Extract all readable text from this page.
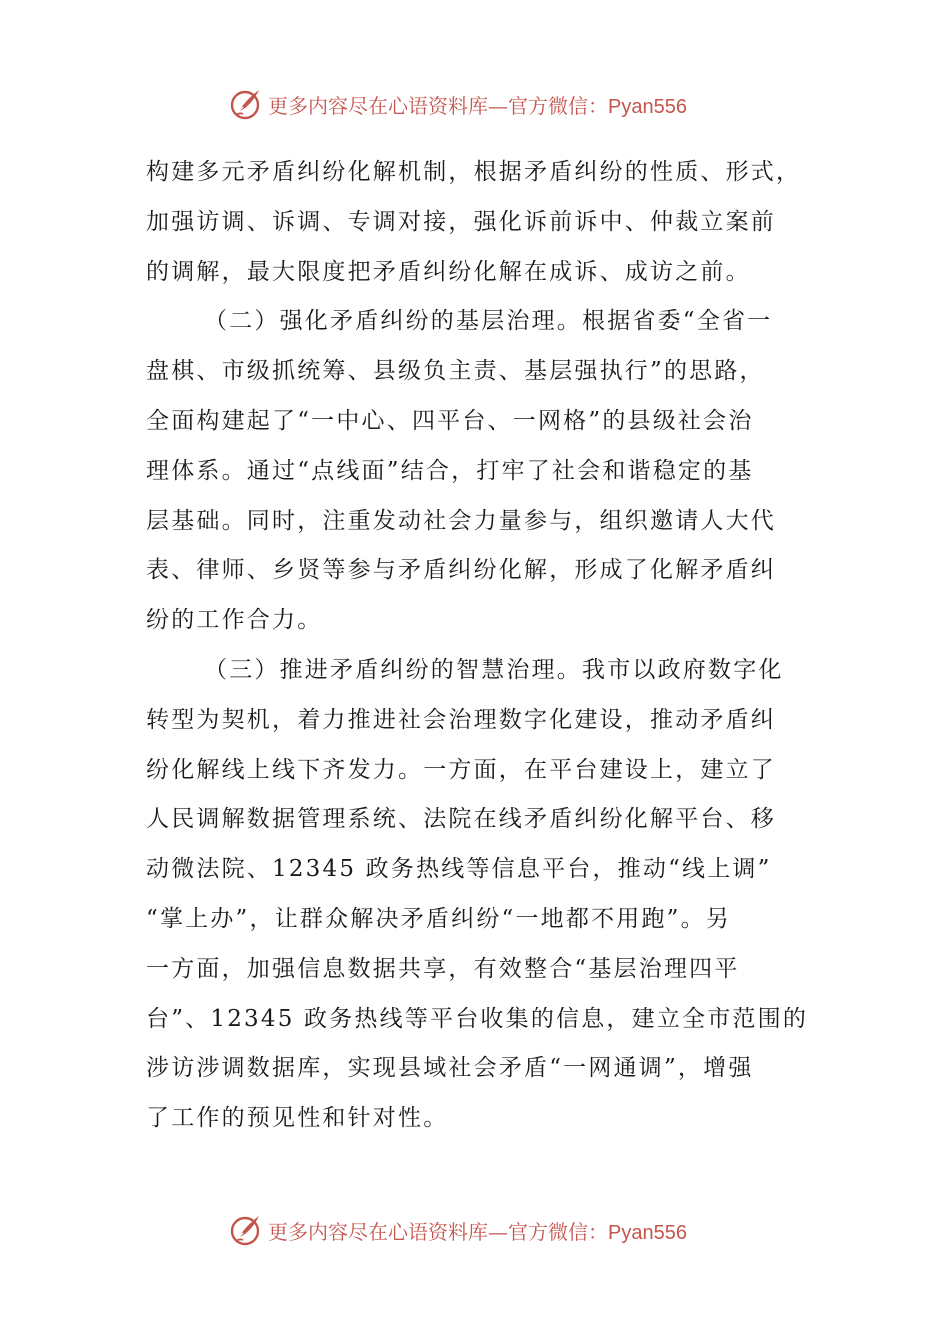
更多内容尽在心语资料库—官方微信：Pyan556
构建多元矛盾纠纷化解机制，根据矛盾纠纷的性质、形式，
加强访调、诉调、专调对接，强化诉前诉中、仲裁立案前
的调解，最大限度把矛盾纠纷化解在成诉、成访之前。
（二）强化矛盾纠纷的基层治理。根据省委“全省一
盘棋、市级抓统筹、县级负主责、基层强执行”的思路，
全面构建起了“一中心、四平台、一网格”的县级社会治
理体系。通过“点线面”结合，打牢了社会和谐稳定的基
层基础。同时，注重发动社会力量参与，组织邀请人大代
表、律师、乡贤等参与矛盾纠纷化解，形成了化解矛盾纠
纷的工作合力。
（三）推进矛盾纠纷的智慧治理。我市以政府数字化
转型为契机，着力推进社会治理数字化建设，推动矛盾纠
纷化解线上线下齐发力。一方面，在平台建设上，建立了
人民调解数据管理系统、法院在线矛盾纠纷化解平台、移
动微法院、12345 政务热线等信息平台，推动“线上调”
“掌上办”，让群众解决矛盾纠纷“一地都不用跑”。另
一方面，加强信息数据共享，有效整合“基层治理四平
台”、12345 政务热线等平台收集的信息，建立全市范围的
涉访涉调数据库，实现县域社会矛盾“一网通调”，增强
了工作的预见性和针对性。
更多内容尽在心语资料库—官方微信：Pyan556
